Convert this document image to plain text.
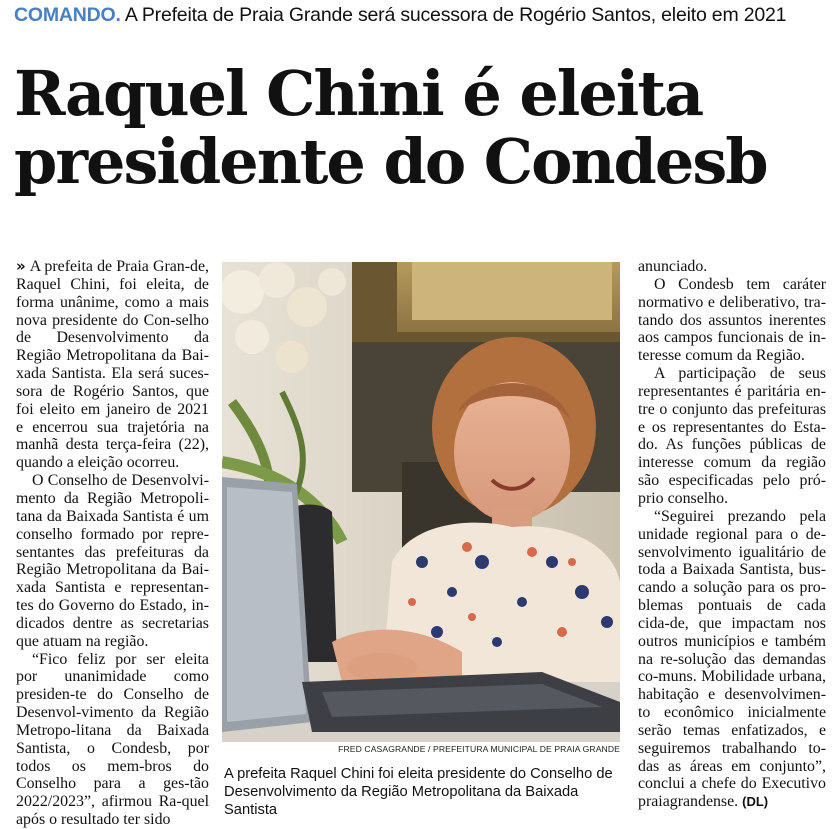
COMANDO. A Prefeita de Praia Grande será sucessora de Rogério Santos, eleito em 2021
Raquel Chini é eleita
presidente do Condesb

» A prefeita de Praia Gran-de, Raquel Chini, foi eleita, de forma unânime, como a mais nova presidente do Con-selho de Desenvolvimento da Região Metropolitana da Bai-xada Santista. Ela será suces-sora de Rogério Santos, que foi eleito em janeiro de 2021 e encerrou sua trajetória na manhã desta terça-feira (22), quando a eleição ocorreu.

O Conselho de Desenvolvi-mento da Região Metropoli-tana da Baixada Santista é um conselho formado por repre-sentantes das prefeituras da Região Metropolitana da Bai-xada Santista e representan-tes do Governo do Estado, in-dicados dentre as secretarias que atuam na região.

“Fico feliz por ser eleita por unanimidade como presiden-te do Conselho de Desenvol-vimento da Região Metropo-litana da Baixada Santista, o Condesb, por todos os mem-bros do Conselho para a ges-tão 2022/2023”, afirmou Ra-quel após o resultado ter sido

FRED CASAGRANDE / PREFEITURA MUNICIPAL DE PRAIA GRANDE
A prefeita Raquel Chini foi eleita presidente do Conselho de Desenvolvimento da Região Metropolitana da Baixada Santista

anunciado.

O Condesb tem caráter normativo e deliberativo, tra-tando dos assuntos inerentes aos campos funcionais de in-teresse comum da Região.

A participação de seus representantes é paritária en-tre o conjunto das prefeituras e os representantes do Esta-do. As funções públicas de interesse comum da região são especificadas pelo pró-prio conselho.

“Seguirei prezando pela unidade regional para o de-senvolvimento igualitário de toda a Baixada Santista, bus-cando a solução para os pro-blemas pontuais de cada cida-de, que impactam nos outros municípios e também na re-solução das demandas co-muns. Mobilidade urbana, habitação e desenvolvimen-to econômico inicialmente serão temas enfatizados, e seguiremos trabalhando to-das as áreas em conjunto”, conclui a chefe do Executivo praiagrandense. (DL)
